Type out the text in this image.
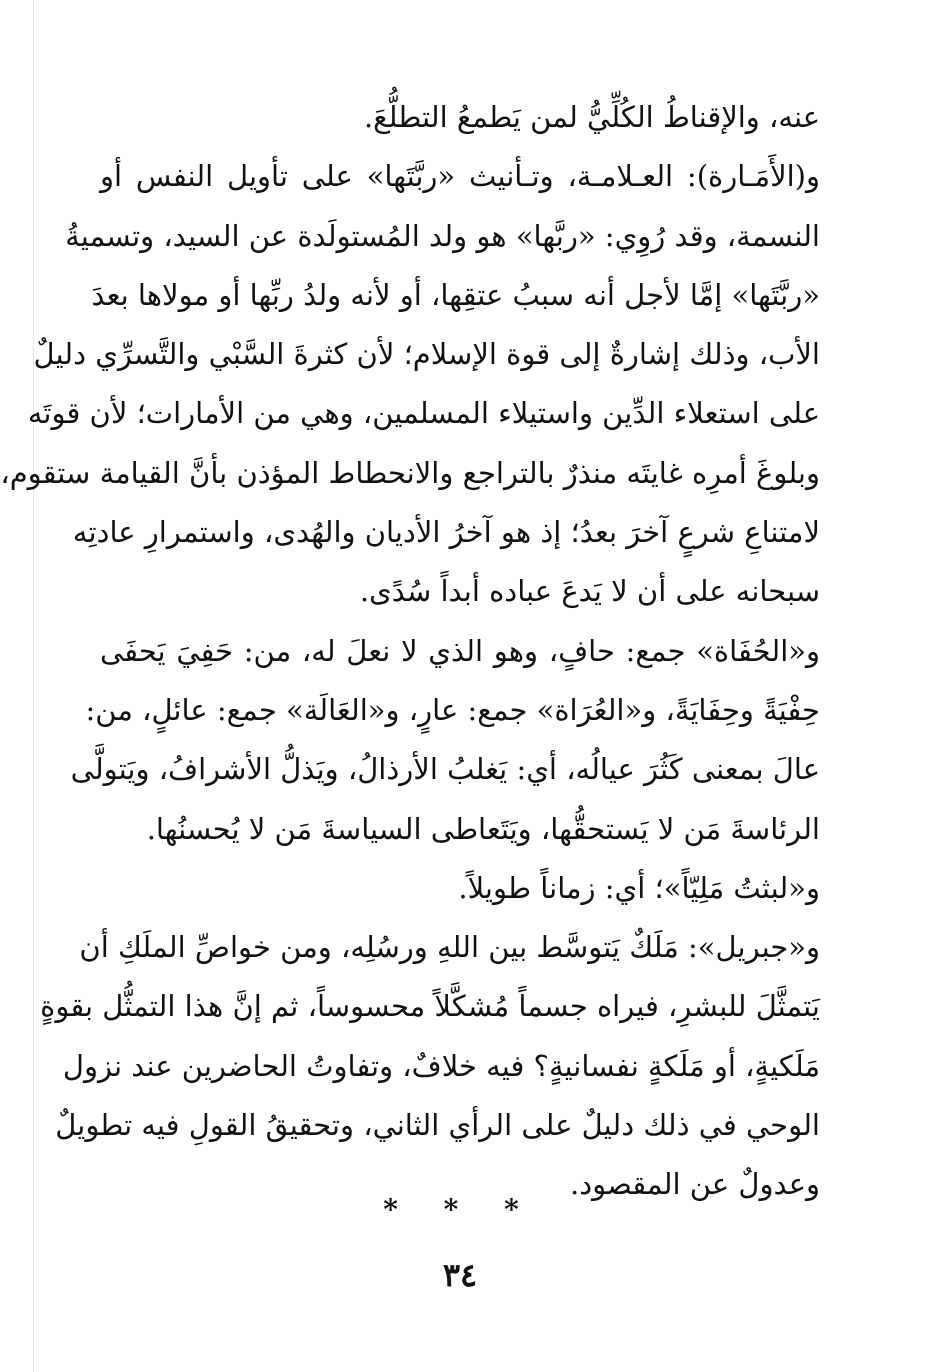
عنه، والإقناطُ الكُلِّيُّ لمن يَطمعُ التطلُّعَ.
و(الأَمَـارة): العـلامـة، وتـأنيث «ربَّتَها» على تأويل النفس أو
النسمة، وقد رُوِي: «ربَّها» هو ولد المُستولَدة عن السيد، وتسميةُ
«ربَّتَها» إمَّا لأجل أنه سببُ عتقِها، أو لأنه ولدُ ربِّها أو مولاها بعدَ
الأب، وذلك إشارةٌ إلى قوة الإسلام؛ لأن كثرةَ السَّبْي والتَّسرِّي دليلٌ
على استعلاء الدِّين واستيلاء المسلمين، وهي من الأمارات؛ لأن قوتَه
وبلوغَ أمرِه غايتَه منذرٌ بالتراجع والانحطاط المؤذن بأنَّ القيامة ستقوم،
لامتناعِ شرعٍ آخرَ بعدُ؛ إذ هو آخرُ الأديان والهُدى، واستمرارِ عادتِه
سبحانه على أن لا يَدعَ عباده أبداً سُدًى.
و«الحُفَاة» جمع: حافٍ، وهو الذي لا نعلَ له، من: حَفِيَ يَحفَى
حِفْيَةً وحِفَايَةً، و«العُرَاة» جمع: عارٍ، و«العَالَة» جمع: عائلٍ، من:
عالَ بمعنى كَثُرَ عيالُه، أي: يَغلبُ الأرذالُ، ويَذلُّ الأشرافُ، ويَتولَّى
الرئاسةَ مَن لا يَستحقُّها، ويَتَعاطى السياسةَ مَن لا يُحسنُها.
و«لبثتُ مَلِيّاً»؛ أي: زماناً طويلاً.
و«جبريل»: مَلَكٌ يَتوسَّط بين اللهِ ورسُلِه، ومن خواصِّ الملَكِ أن
يَتمثَّلَ للبشرِ، فيراه جسماً مُشكَّلاً محسوساً، ثم إنَّ هذا التمثُّل بقوةٍ
مَلَكيةٍ، أو مَلَكةٍ نفسانيةٍ؟ فيه خلافٌ، وتفاوتُ الحاضرين عند نزول
الوحي في ذلك دليلٌ على الرأي الثاني، وتحقيقُ القولِ فيه تطويلٌ
وعدولٌ عن المقصود.
* * *
٣٤
